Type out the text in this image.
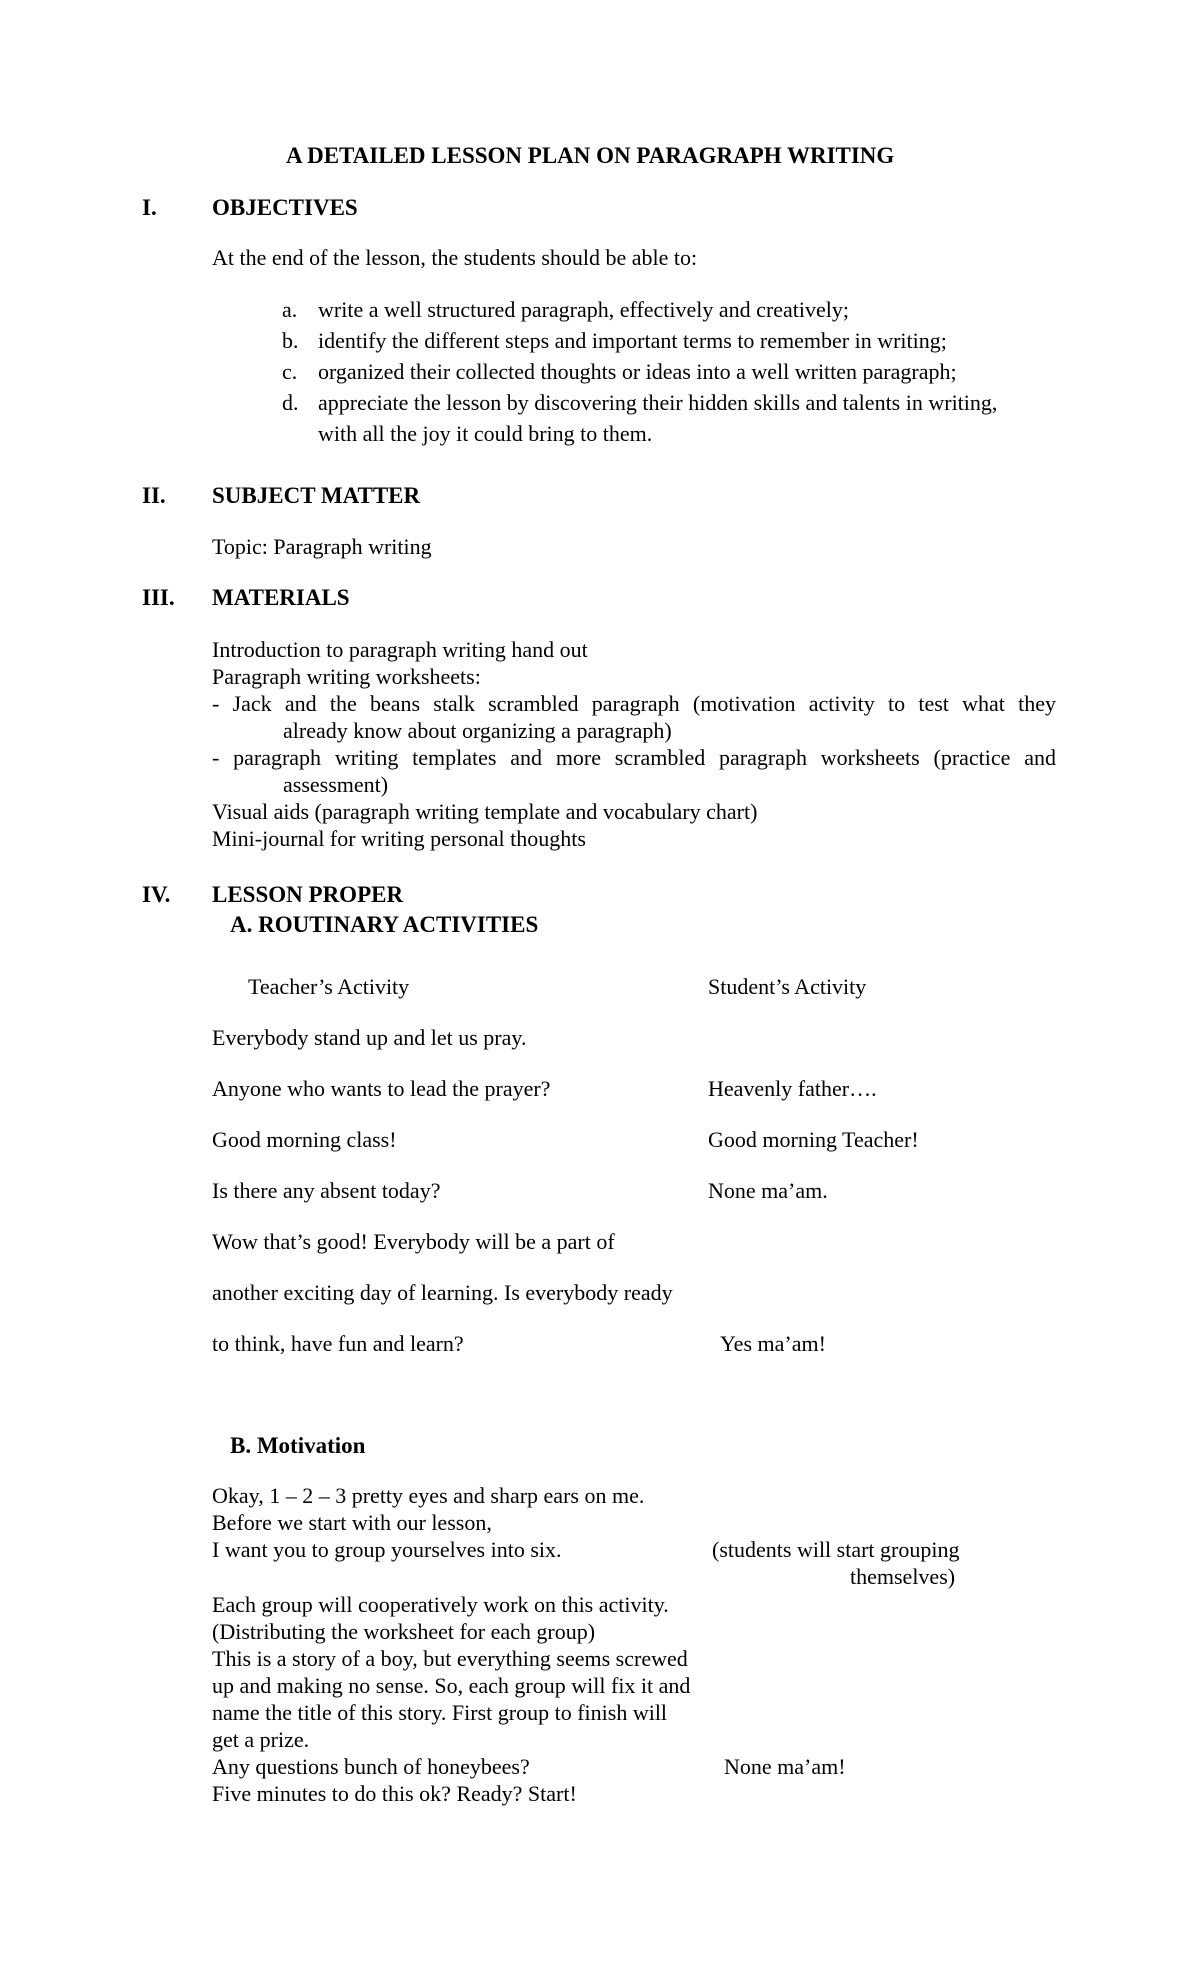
A DETAILED LESSON PLAN ON PARAGRAPH WRITING
I. OBJECTIVES
At the end of the lesson, the students should be able to:
a. write a well structured paragraph, effectively and creatively;
b. identify the different steps and important terms to remember in writing;
c. organized their collected thoughts or ideas into a well written paragraph;
d. appreciate the lesson by discovering their hidden skills and talents in writing,
with all the joy it could bring to them.
II. SUBJECT MATTER
Topic: Paragraph writing
III. MATERIALS
Introduction to paragraph writing hand out
Paragraph writing worksheets:
- Jack and the beans stalk scrambled paragraph (motivation activity to test what they
already know about organizing a paragraph)
- paragraph writing templates and more scrambled paragraph worksheets (practice and
assessment)
Visual aids (paragraph writing template and vocabulary chart)
Mini-journal for writing personal thoughts
IV. LESSON PROPER
A. ROUTINARY ACTIVITIES
Teacher’s Activity	Student’s Activity
Everybody stand up and let us pray.
Anyone who wants to lead the prayer?	Heavenly father….
Good morning class!	Good morning Teacher!
Is there any absent today?	None ma’am.
Wow that’s good! Everybody will be a part of
another exciting day of learning. Is everybody ready
to think, have fun and learn?	Yes ma’am!
B. Motivation
Okay, 1 – 2 – 3 pretty eyes and sharp ears on me.
Before we start with our lesson,
I want you to group yourselves into six.	(students will start grouping
themselves)
Each group will cooperatively work on this activity.
(Distributing the worksheet for each group)
This is a story of a boy, but everything seems screwed
up and making no sense. So, each group will fix it and
name the title of this story. First group to finish will
get a prize.
Any questions bunch of honeybees?	None ma’am!
Five minutes to do this ok? Ready? Start!
